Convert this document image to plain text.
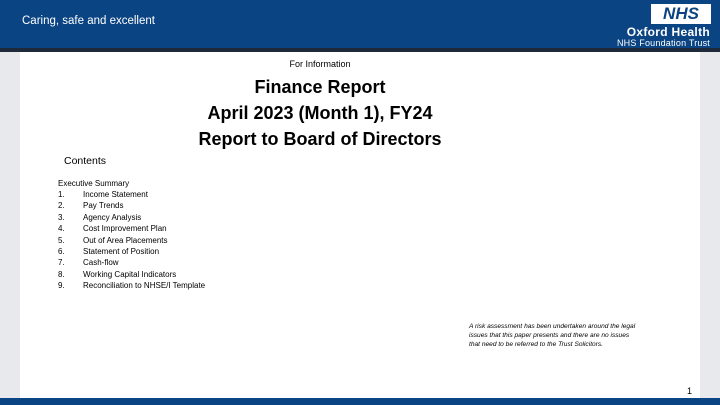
Caring, safe and excellent	NHS
Oxford Health
NHS Foundation Trust
For Information
Finance Report
April 2023 (Month 1), FY24
Report to Board of Directors
Contents
Executive Summary
1. Income Statement
2. Pay Trends
3. Agency Analysis
4. Cost Improvement Plan
5. Out of Area Placements
6. Statement of Position
7. Cash-flow
8. Working Capital Indicators
9. Reconciliation to NHSE/I Template
A risk assessment has been undertaken around the legal issues that this paper presents and there are no issues that need to be referred to the Trust Solicitors.
1
